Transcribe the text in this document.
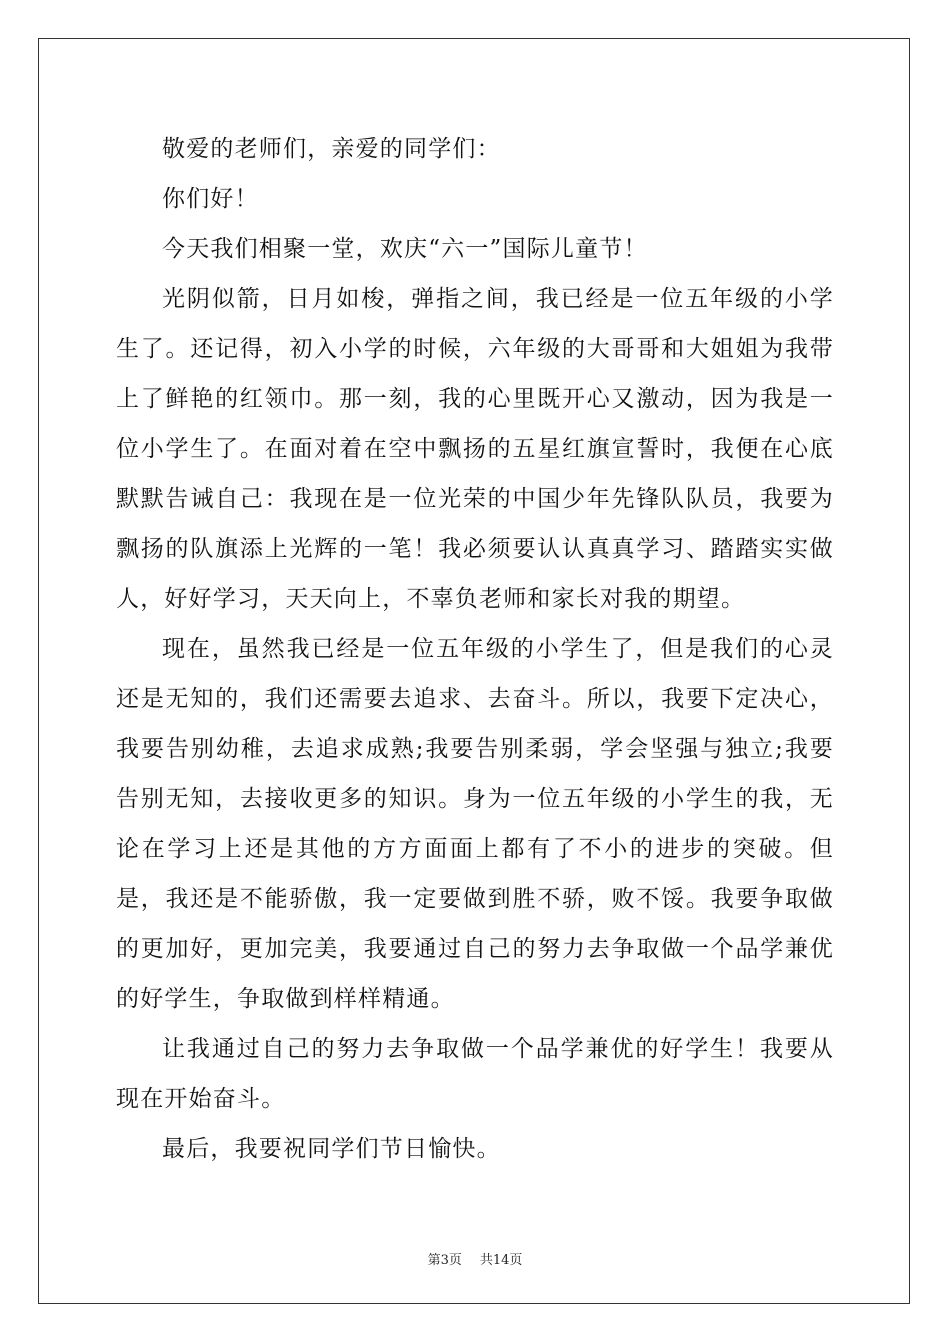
敬爱的老师们，亲爱的同学们：

你们好！

今天我们相聚一堂，欢庆“六一”国际儿童节！

光阴似箭，日月如梭，弹指之间，我已经是一位五年级的小学生了。还记得，初入小学的时候，六年级的大哥哥和大姐姐为我带上了鲜艳的红领巾。那一刻，我的心里既开心又激动，因为我是一位小学生了。在面对着在空中飘扬的五星红旗宣誓时，我便在心底默默告诫自己：我现在是一位光荣的中国少年先锋队队员，我要为飘扬的队旗添上光辉的一笔！我必须要认认真真学习、踏踏实实做人，好好学习，天天向上，不辜负老师和家长对我的期望。

现在，虽然我已经是一位五年级的小学生了，但是我们的心灵还是无知的，我们还需要去追求、去奋斗。所以，我要下定决心，我要告别幼稚，去追求成熟;我要告别柔弱，学会坚强与独立;我要告别无知，去接收更多的知识。身为一位五年级的小学生的我，无论在学习上还是其他的方方面面上都有了不小的进步的突破。但是，我还是不能骄傲，我一定要做到胜不骄，败不馁。我要争取做的更加好，更加完美，我要通过自己的努力去争取做一个品学兼优的好学生，争取做到样样精通。

让我通过自己的努力去争取做一个品学兼优的好学生！我要从现在开始奋斗。

最后，我要祝同学们节日愉快。

第3页 共14页
